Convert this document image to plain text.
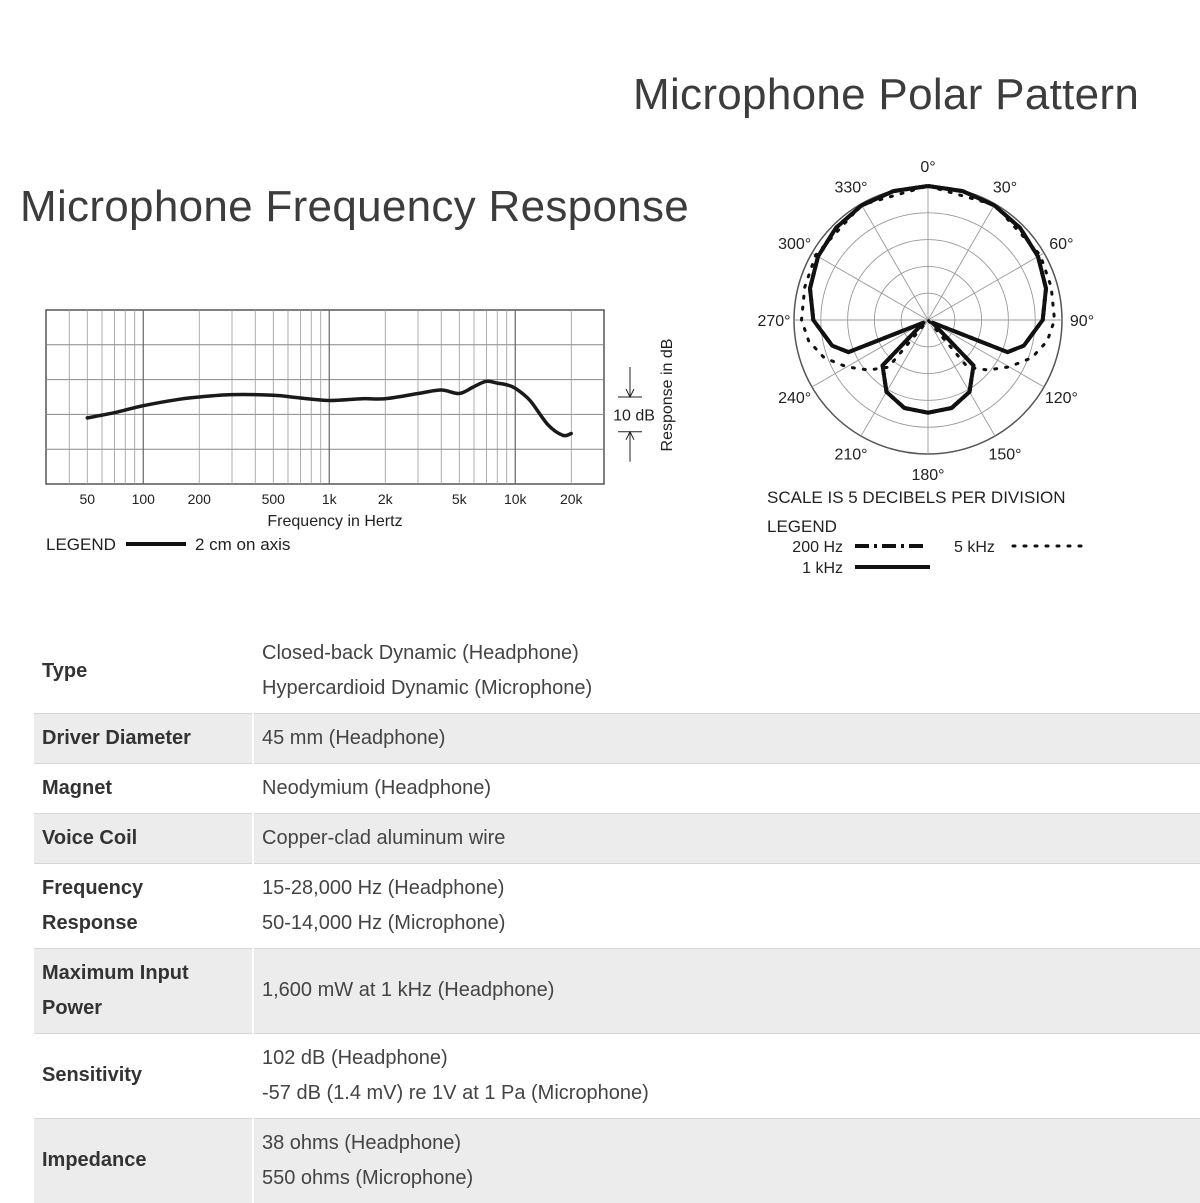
Microphone Frequency Response
Microphone Polar Pattern
50	100 200	500	1k	2k	5k	10k 20k
Frequency in Hertz
Response in dB
10 dB
LEGEND	2 cm on axis
0°
30°
60°
90°
120°
150°
180°
210°
240°
270°
300°
330°
SCALE IS 5 DECIBELS PER DIVISION
LEGEND
200 Hz
1 kHz
5 kHz
Type	Closed-back Dynamic (Headphone)
Hypercardioid Dynamic (Microphone)

Driver Diameter	45 mm (Headphone)

Magnet	Neodymium (Headphone)

Voice Coil	Copper-clad aluminum wire

Frequency Response	15-28,000 Hz (Headphone)
50-14,000 Hz (Microphone)

Maximum Input Power	1,600 mW at 1 kHz (Headphone)

Sensitivity	102 dB (Headphone)
-57 dB (1.4 mV) re 1V at 1 Pa (Microphone)

Impedance	38 ohms (Headphone)
550 ohms (Microphone)
